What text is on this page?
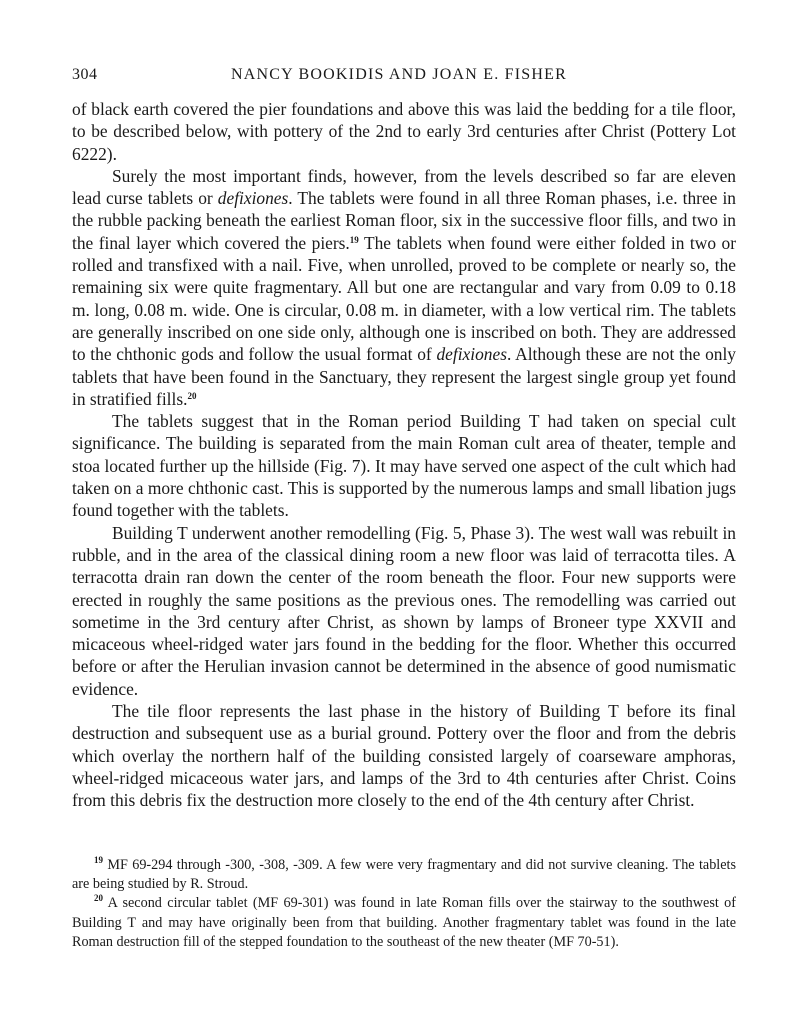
304	NANCY BOOKIDIS AND JOAN E. FISHER

of black earth covered the pier foundations and above this was laid the bedding for a tile floor, to be described below, with pottery of the 2nd to early 3rd centuries after Christ (Pottery Lot 6222).

Surely the most important finds, however, from the levels described so far are eleven lead curse tablets or defixiones. The tablets were found in all three Roman phases, i.e. three in the rubble packing beneath the earliest Roman floor, six in the successive floor fills, and two in the final layer which covered the piers.$^{19}$ The tablets when found were either folded in two or rolled and transfixed with a nail. Five, when unrolled, proved to be complete or nearly so, the remaining six were quite fragmentary. All but one are rectangular and vary from 0.09 to 0.18 m. long, 0.08 m. wide. One is circular, 0.08 m. in diameter, with a low vertical rim. The tablets are generally inscribed on one side only, although one is inscribed on both. They are addressed to the chthonic gods and follow the usual format of defixiones. Although these are not the only tablets that have been found in the Sanctuary, they represent the largest single group yet found in stratified fills.$^{20}$

The tablets suggest that in the Roman period Building T had taken on special cult significance. The building is separated from the main Roman cult area of theater, temple and stoa located further up the hillside (Fig. 7). It may have served one aspect of the cult which had taken on a more chthonic cast. This is supported by the numerous lamps and small libation jugs found together with the tablets.

Building T underwent another remodelling (Fig. 5, Phase 3). The west wall was rebuilt in rubble, and in the area of the classical dining room a new floor was laid of terracotta tiles. A terracotta drain ran down the center of the room beneath the floor. Four new supports were erected in roughly the same positions as the previous ones. The remodelling was carried out sometime in the 3rd century after Christ, as shown by lamps of Broneer type XXVII and micaceous wheel-ridged water jars found in the bedding for the floor. Whether this occurred before or after the Herulian invasion cannot be determined in the absence of good numismatic evidence.

The tile floor represents the last phase in the history of Building T before its final destruction and subsequent use as a burial ground. Pottery over the floor and from the debris which overlay the northern half of the building consisted largely of coarseware amphoras, wheel-ridged micaceous water jars, and lamps of the 3rd to 4th centuries after Christ. Coins from this debris fix the destruction more closely to the end of the 4th century after Christ.

$^{19}$ MF 69-294 through -300, -308, -309. A few were very fragmentary and did not survive cleaning. The tablets are being studied by R. Stroud.

$^{20}$ A second circular tablet (MF 69-301) was found in late Roman fills over the stairway to the southwest of Building T and may have originally been from that building. Another fragmentary tablet was found in the late Roman destruction fill of the stepped foundation to the southeast of the new theater (MF 70-51).
